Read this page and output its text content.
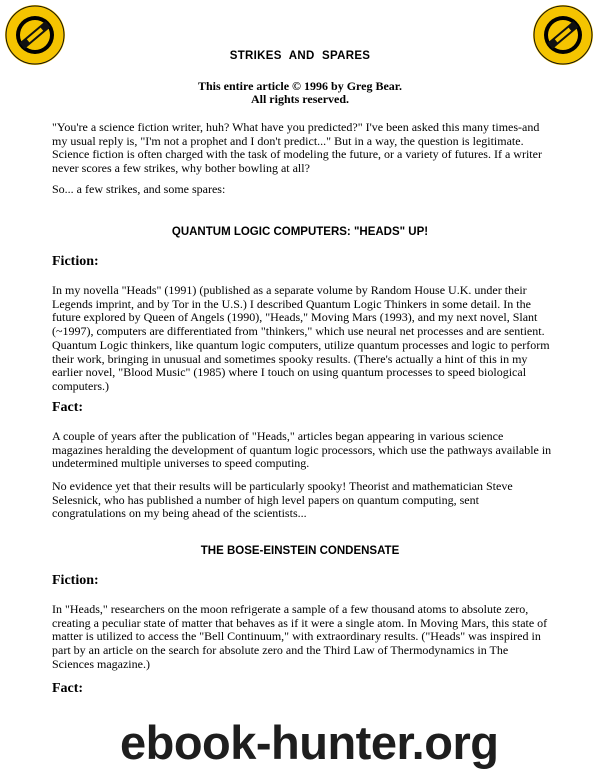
STRIKES AND SPARES
This entire article © 1996 by Greg Bear.
All rights reserved.

"You're a science fiction writer, huh? What have you predicted?" I've been asked this many times-and my usual reply is, "I'm not a prophet and I don't predict..." But in a way, the question is legitimate. Science fiction is often charged with the task of modeling the future, or a variety of futures. If a writer never scores a few strikes, why bother bowling at all?

So... a few strikes, and some spares:

QUANTUM LOGIC COMPUTERS: "HEADS" UP!
Fiction:

In my novella "Heads" (1991) (published as a separate volume by Random House U.K. under their Legends imprint, and by Tor in the U.S.) I described Quantum Logic Thinkers in some detail. In the future explored by Queen of Angels (1990), "Heads," Moving Mars (1993), and my next novel, Slant (~1997), computers are differentiated from "thinkers," which use neural net processes and are sentient. Quantum Logic thinkers, like quantum logic computers, utilize quantum processes and logic to perform their work, bringing in unusual and sometimes spooky results. (There's actually a hint of this in my earlier novel, "Blood Music" (1985) where I touch on using quantum processes to speed biological computers.)

Fact:

A couple of years after the publication of "Heads," articles began appearing in various science magazines heralding the development of quantum logic processors, which use the pathways available in undetermined multiple universes to speed computing.

No evidence yet that their results will be particularly spooky! Theorist and mathematician Steve Selesnick, who has published a number of high level papers on quantum computing, sent congratulations on my being ahead of the scientists...

THE BOSE-EINSTEIN CONDENSATE
Fiction:

In "Heads," researchers on the moon refrigerate a sample of a few thousand atoms to absolute zero, creating a peculiar state of matter that behaves as if it were a single atom. In Moving Mars, this state of matter is utilized to access the "Bell Continuum," with extraordinary results. ("Heads" was inspired in part by an article on the search for absolute zero and the Third Law of Thermodynamics in The Sciences magazine.)

Fact:
ebook-hunter.org
